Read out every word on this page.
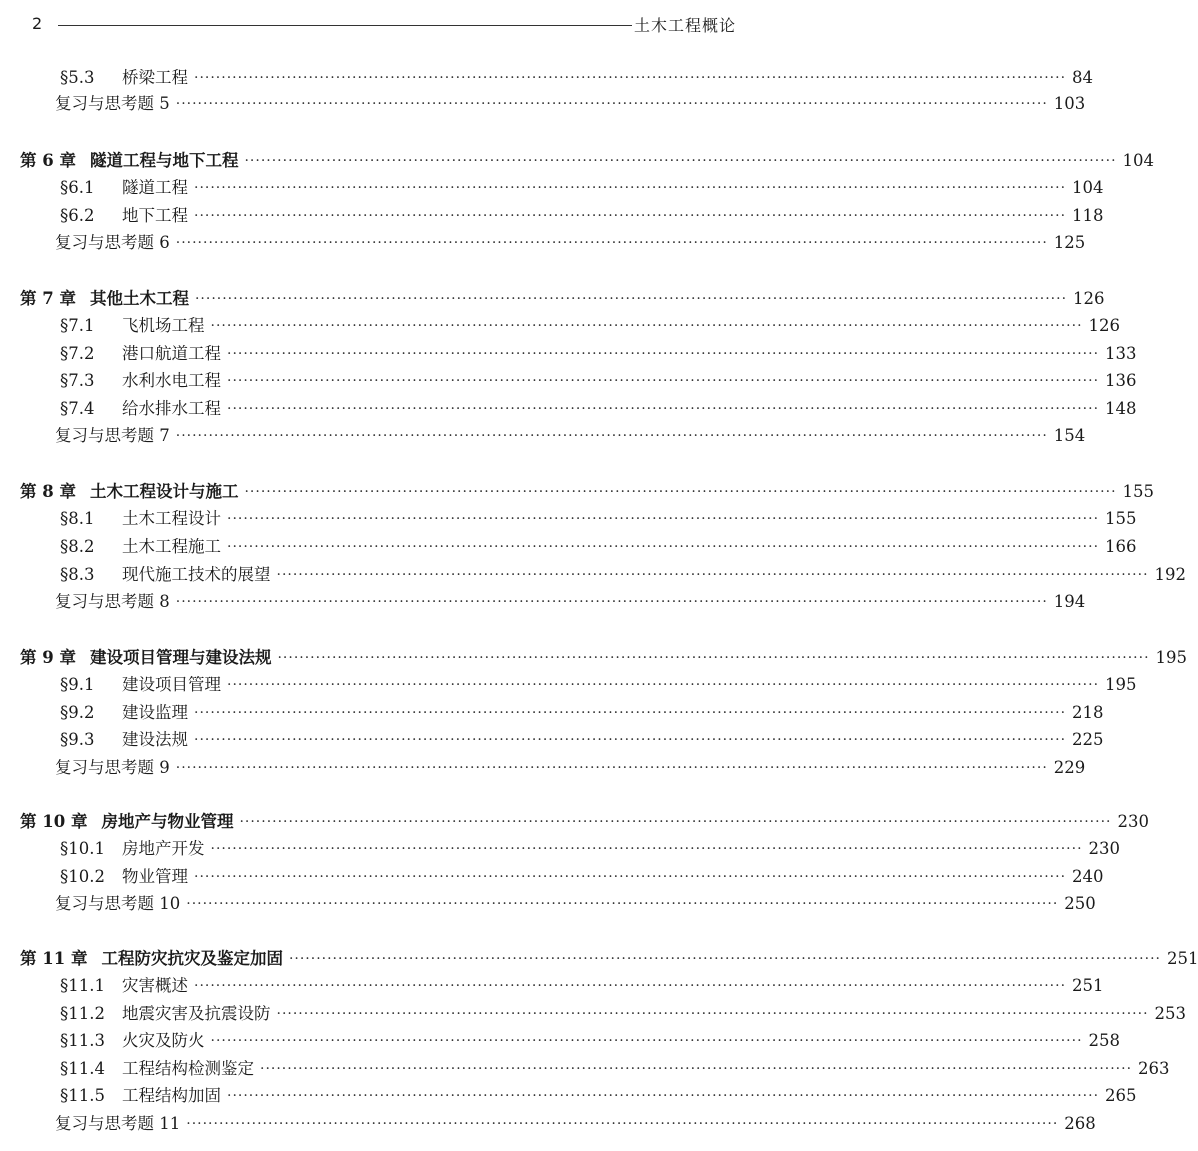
2	土木工程概论
§5.3 桥梁工程 ································································································································································ 84
复习与思考题 5 ································································································································································ 103
第 6 章 隧道工程与地下工程 ································································································································································ 104
§6.1 隧道工程 ································································································································································ 104
§6.2 地下工程 ································································································································································ 118
复习与思考题 6 ································································································································································ 125
第 7 章 其他土木工程 ································································································································································ 126
§7.1 飞机场工程 ································································································································································ 126
§7.2 港口航道工程 ································································································································································ 133
§7.3 水利水电工程 ································································································································································ 136
§7.4 给水排水工程 ································································································································································ 148
复习与思考题 7 ································································································································································ 154
第 8 章 土木工程设计与施工 ································································································································································ 155
§8.1 土木工程设计 ································································································································································ 155
§8.2 土木工程施工 ································································································································································ 166
§8.3 现代施工技术的展望 ································································································································································ 192
复习与思考题 8 ································································································································································ 194
第 9 章 建设项目管理与建设法规 ································································································································································ 195
§9.1 建设项目管理 ································································································································································ 195
§9.2 建设监理 ································································································································································ 218
§9.3 建设法规 ································································································································································ 225
复习与思考题 9 ································································································································································ 229
第 10 章 房地产与物业管理 ································································································································································ 230
§10.1 房地产开发 ································································································································································ 230
§10.2 物业管理 ································································································································································ 240
复习与思考题 10 ································································································································································ 250
第 11 章 工程防灾抗灾及鉴定加固 ································································································································································ 251
§11.1 灾害概述 ································································································································································ 251
§11.2 地震灾害及抗震设防 ································································································································································ 253
§11.3 火灾及防火 ································································································································································ 258
§11.4 工程结构检测鉴定 ································································································································································ 263
§11.5 工程结构加固 ································································································································································ 265
复习与思考题 11 ································································································································································ 268
